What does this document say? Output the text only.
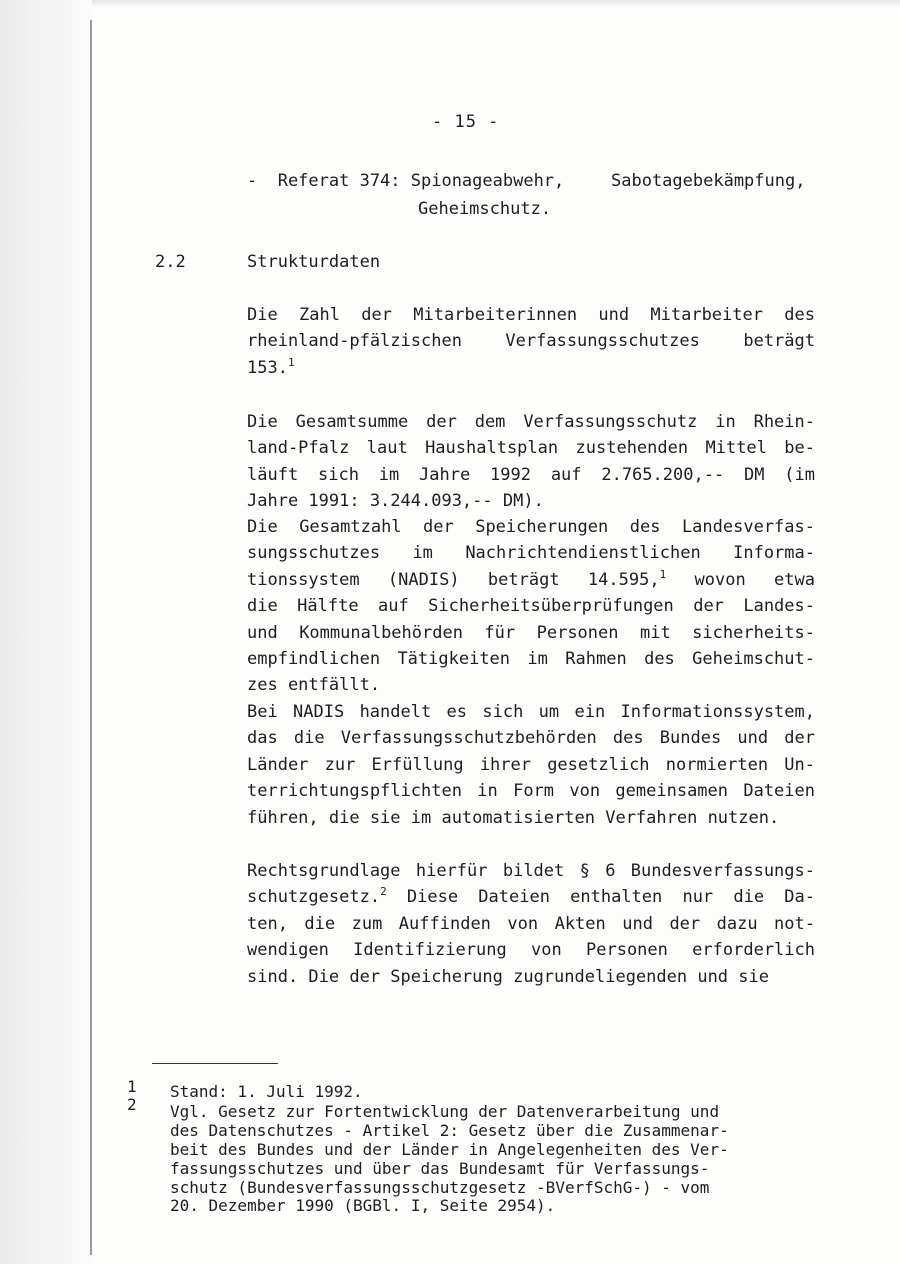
- 15 -
-  Referat 374: Spionageabwehr,	Sabotagebekämpfung,
Geheimschutz.
2.2	Strukturdaten
Die Zahl der Mitarbeiterinnen und Mitarbeiter des
rheinland-pfälzischen Verfassungsschutzes beträgt
153.$^1$
Die Gesamtsumme der dem Verfassungsschutz in Rhein-
land-Pfalz laut Haushaltsplan zustehenden Mittel be-
läuft sich im Jahre 1992 auf 2.765.200,-- DM (im
Jahre 1991: 3.244.093,-- DM).
Die Gesamtzahl der Speicherungen des Landesverfas-
sungsschutzes im Nachrichtendienstlichen Informa-
tionssystem (NADIS) beträgt 14.595,$^1$ wovon etwa
die Hälfte auf Sicherheitsüberprüfungen der Landes-
und Kommunalbehörden für Personen mit sicherheits-
empfindlichen Tätigkeiten im Rahmen des Geheimschut-
zes entfällt.
Bei NADIS handelt es sich um ein Informationssystem,
das die Verfassungsschutzbehörden des Bundes und der
Länder zur Erfüllung ihrer gesetzlich normierten Un-
terrichtungspflichten in Form von gemeinsamen Dateien
führen, die sie im automatisierten Verfahren nutzen.
Rechtsgrundlage hierfür bildet § 6 Bundesverfassungs-
schutzgesetz.$^2$ Diese Dateien enthalten nur die Da-
ten, die zum Auffinden von Akten und der dazu not-
wendigen Identifizierung von Personen erforderlich
sind. Die der Speicherung zugrundeliegenden und sie
1 Stand: 1. Juli 1992.
2 Vgl. Gesetz zur Fortentwicklung der Datenverarbeitung und
des Datenschutzes - Artikel 2: Gesetz über die Zusammenar-
beit des Bundes und der Länder in Angelegenheiten des Ver-
fassungsschutzes und über das Bundesamt für Verfassungs-
schutz (Bundesverfassungsschutzgesetz -BVerfSchG-) - vom
20. Dezember 1990 (BGBl. I, Seite 2954).
